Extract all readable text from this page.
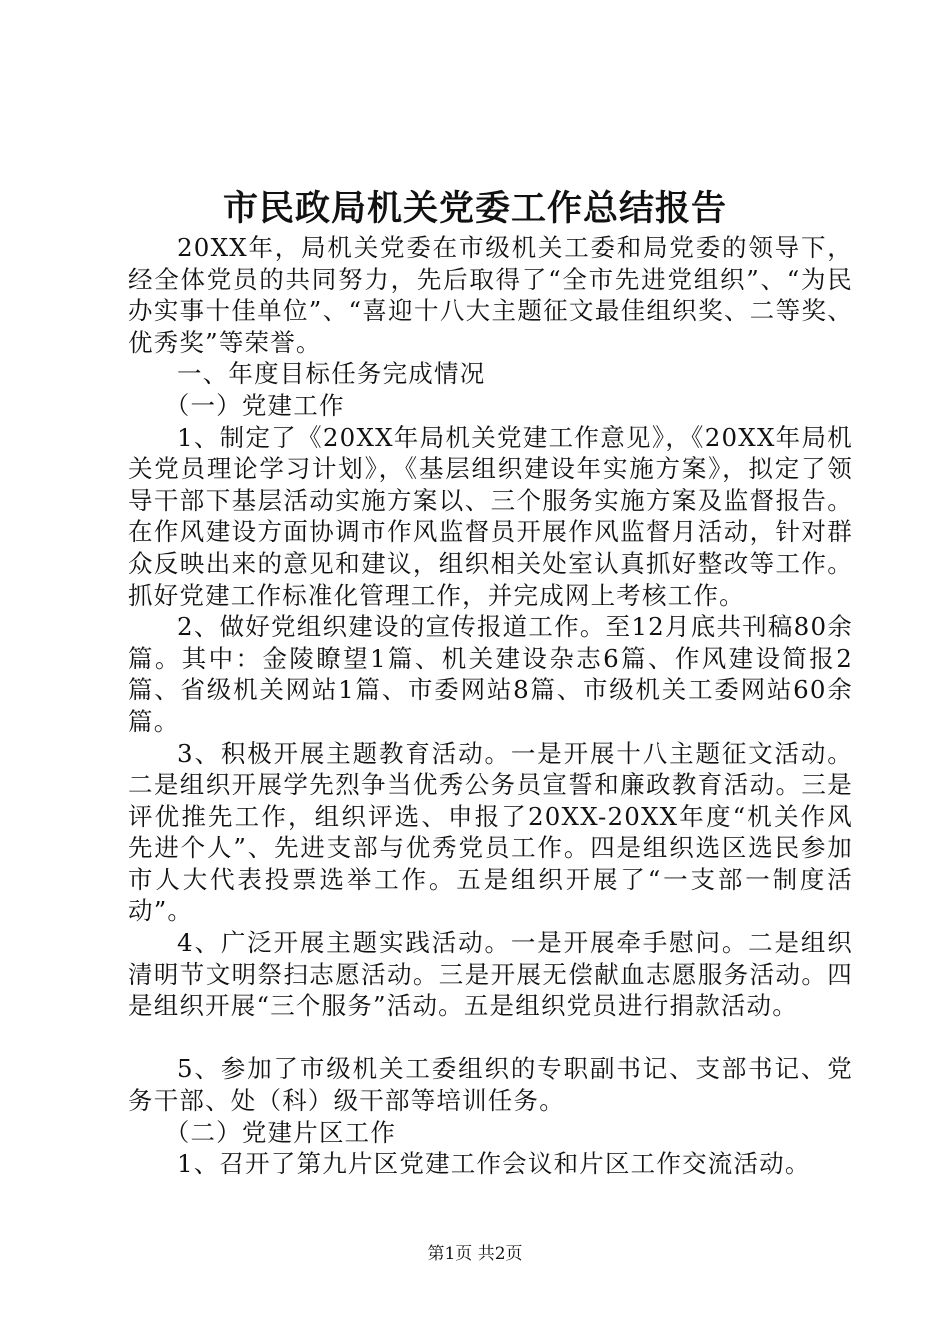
市民政局机关党委工作总结报告

20XX年，局机关党委在市级机关工委和局党委的领导下，经全体党员的共同努力，先后取得了“全市先进党组织”、“为民办实事十佳单位”、“喜迎十八大主题征文最佳组织奖、二等奖、优秀奖”等荣誉。

一、年度目标任务完成情况

（一）党建工作

1、制定了《20XX年局机关党建工作意见》，《20XX年局机关党员理论学习计划》，《基层组织建设年实施方案》，拟定了领导干部下基层活动实施方案以、三个服务实施方案及监督报告。在作风建设方面协调市作风监督员开展作风监督月活动，针对群众反映出来的意见和建议，组织相关处室认真抓好整改等工作。抓好党建工作标准化管理工作，并完成网上考核工作。

2、做好党组织建设的宣传报道工作。至12月底共刊稿80余篇。其中：金陵瞭望1篇、机关建设杂志6篇、作风建设简报2篇、省级机关网站1篇、市委网站8篇、市级机关工委网站60余篇。

3、积极开展主题教育活动。一是开展十八主题征文活动。二是组织开展学先烈争当优秀公务员宣誓和廉政教育活动。三是评优推先工作，组织评选、申报了20XX-20XX年度“机关作风先进个人”、先进支部与优秀党员工作。四是组织选区选民参加市人大代表投票选举工作。五是组织开展了“一支部一制度活动”。

4、广泛开展主题实践活动。一是开展牵手慰问。二是组织清明节文明祭扫志愿活动。三是开展无偿献血志愿服务活动。四是组织开展“三个服务”活动。五是组织党员进行捐款活动。

5、参加了市级机关工委组织的专职副书记、支部书记、党务干部、处（科）级干部等培训任务。

（二）党建片区工作

1、召开了第九片区党建工作会议和片区工作交流活动。

第1页 共2页
